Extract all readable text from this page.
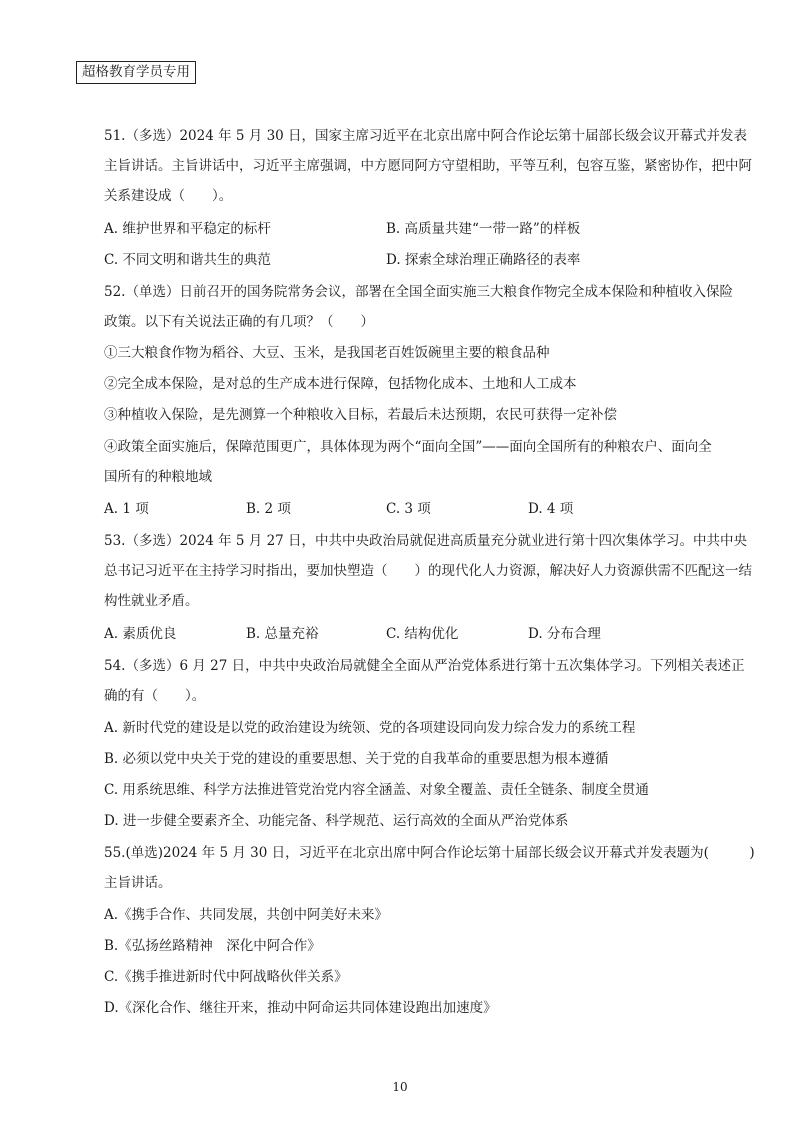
超格教育学员专用
51.（多选）2024 年 5 月 30 日，国家主席习近平在北京出席中阿合作论坛第十届部长级会议开幕式并发表
主旨讲话。主旨讲话中，习近平主席强调，中方愿同阿方守望相助，平等互利，包容互鉴，紧密协作，把中阿
关系建设成（　　）。
A. 维护世界和平稳定的标杆	B. 高质量共建“一带一路”的样板
C. 不同文明和谐共生的典范	D. 探索全球治理正确路径的表率
52.（单选）日前召开的国务院常务会议，部署在全国全面实施三大粮食作物完全成本保险和种植收入保险
政策。以下有关说法正确的有几项？（　　）
①三大粮食作物为稻谷、大豆、玉米，是我国老百姓饭碗里主要的粮食品种
②完全成本保险，是对总的生产成本进行保障，包括物化成本、土地和人工成本
③种植收入保险，是先测算一个种粮收入目标，若最后未达预期，农民可获得一定补偿
④政策全面实施后，保障范围更广，具体体现为两个“面向全国”——面向全国所有的种粮农户、面向全
国所有的种粮地域
A. 1 项	B. 2 项	C. 3 项	D. 4 项
53.（多选）2024 年 5 月 27 日，中共中央政治局就促进高质量充分就业进行第十四次集体学习。中共中央
总书记习近平在主持学习时指出，要加快塑造（　　）的现代化人力资源，解决好人力资源供需不匹配这一结
构性就业矛盾。
A. 素质优良	B. 总量充裕	C. 结构优化	D. 分布合理
54.（多选）6 月 27 日，中共中央政治局就健全全面从严治党体系进行第十五次集体学习。下列相关表述正
确的有（　　）。
A. 新时代党的建设是以党的政治建设为统领、党的各项建设同向发力综合发力的系统工程
B. 必须以党中央关于党的建设的重要思想、关于党的自我革命的重要思想为根本遵循
C. 用系统思维、科学方法推进管党治党内容全涵盖、对象全覆盖、责任全链条、制度全贯通
D. 进一步健全要素齐全、功能完备、科学规范、运行高效的全面从严治党体系
55.(单选)2024 年 5 月 30 日，习近平在北京出席中阿合作论坛第十届部长级会议开幕式并发表题为(　　　)
主旨讲话。
A.《携手合作、共同发展，共创中阿美好未来》
B.《弘扬丝路精神　深化中阿合作》
C.《携手推进新时代中阿战略伙伴关系》
D.《深化合作、继往开来，推动中阿命运共同体建设跑出加速度》
10
